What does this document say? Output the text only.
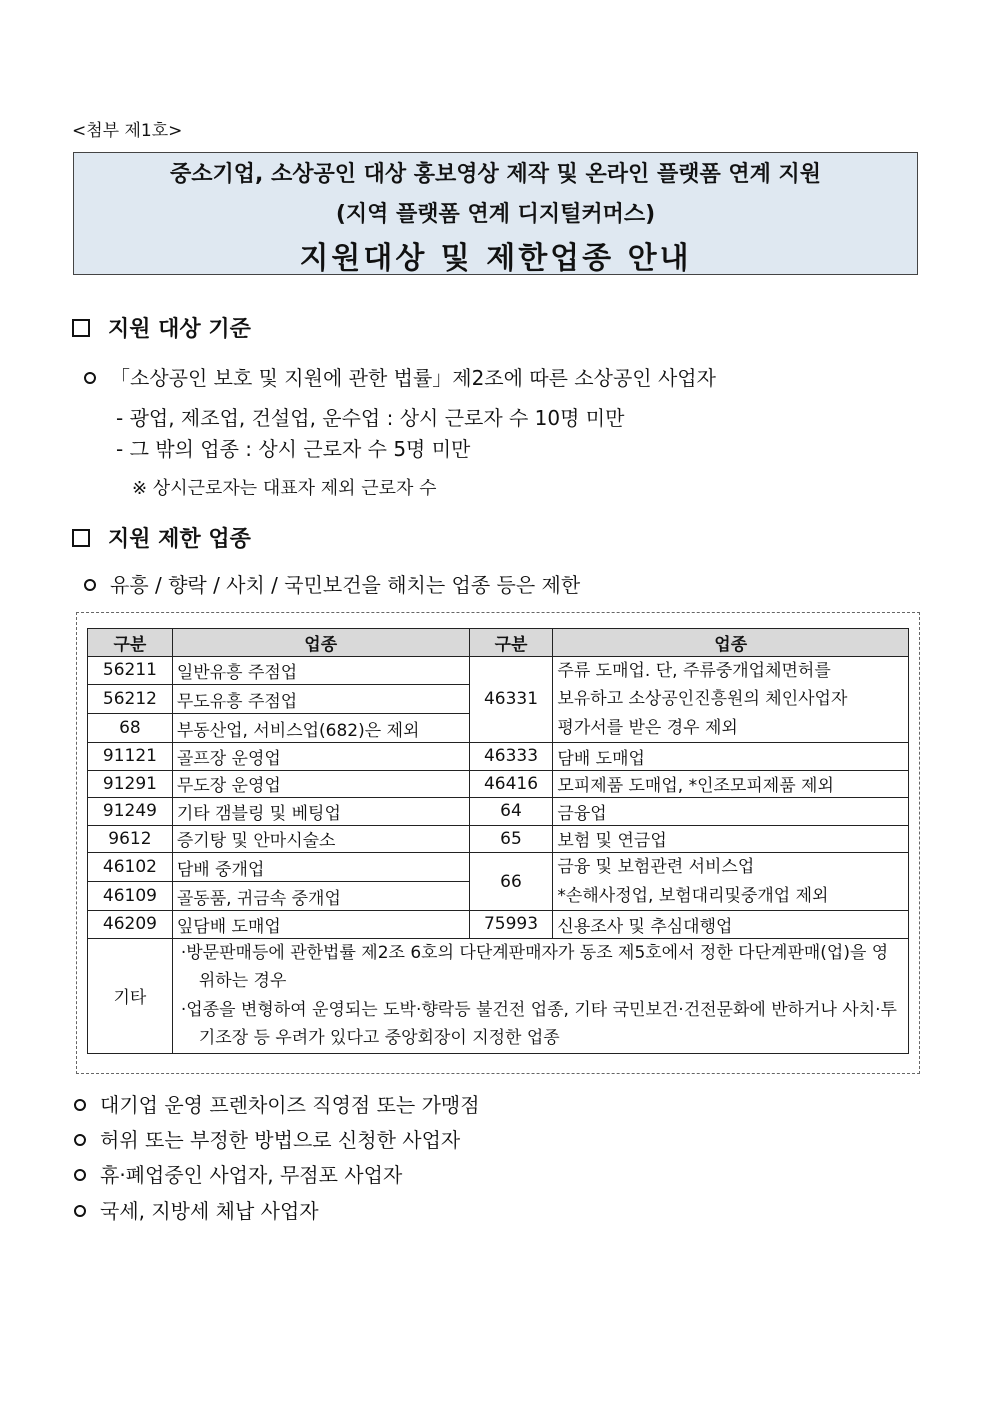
<첨부 제1호>
중소기업, 소상공인 대상 홍보영상 제작 및 온라인 플랫폼 연계 지원
(지역 플랫폼 연계 디지털커머스)
지원대상 및 제한업종 안내
지원 대상 기준
「소상공인 보호 및 지원에 관한 법률」제2조에 따른 소상공인 사업자
- 광업, 제조업, 건설업, 운수업 : 상시 근로자 수 10명 미만
- 그 밖의 업종 : 상시 근로자 수 5명 미만
※ 상시근로자는 대표자 제외 근로자 수
지원 제한 업종
유흥 / 향락 / 사치 / 국민보건을 해치는 업종 등은 제한
구분	업종	구분	업종
56211	일반유흥 주점업	46331	주류 도매업. 단, 주류중개업체면허를
보유하고 소상공인진흥원의 체인사업자
평가서를 받은 경우 제외

56212	무도유흥 주점업		
68	부동산업, 서비스업(682)은 제외		
91121	골프장 운영업	46333	담배 도매업
91291	무도장 운영업	46416	모피제품 도매업, *인조모피제품 제외
91249	기타 갬블링 및 베팅업	64	금융업
9612	증기탕 및 안마시술소	65	보험 및 연금업
46102	담배 중개업	66	금융 및 보험관련 서비스업
*손해사정업, 보험대리및중개업 제외

46109	골동품, 귀금속 중개업		
46209	잎담배 도매업	75993	신용조사 및 추심대행업
기타	·방문판매등에 관한법률 제2조 6호의 다단계판매자가 동조 제5호에서 정한 다단계판매(업)을 영위하는 경우
·업종을 변형하여 운영되는 도박·향락등 불건전 업종, 기타 국민보건·건전문화에 반하거나 사치·투기조장 등 우려가 있다고 중앙회장이 지정한 업종		
대기업 운영 프렌차이즈 직영점 또는 가맹점
허위 또는 부정한 방법으로 신청한 사업자
휴·폐업중인 사업자, 무점포 사업자
국세, 지방세 체납 사업자
